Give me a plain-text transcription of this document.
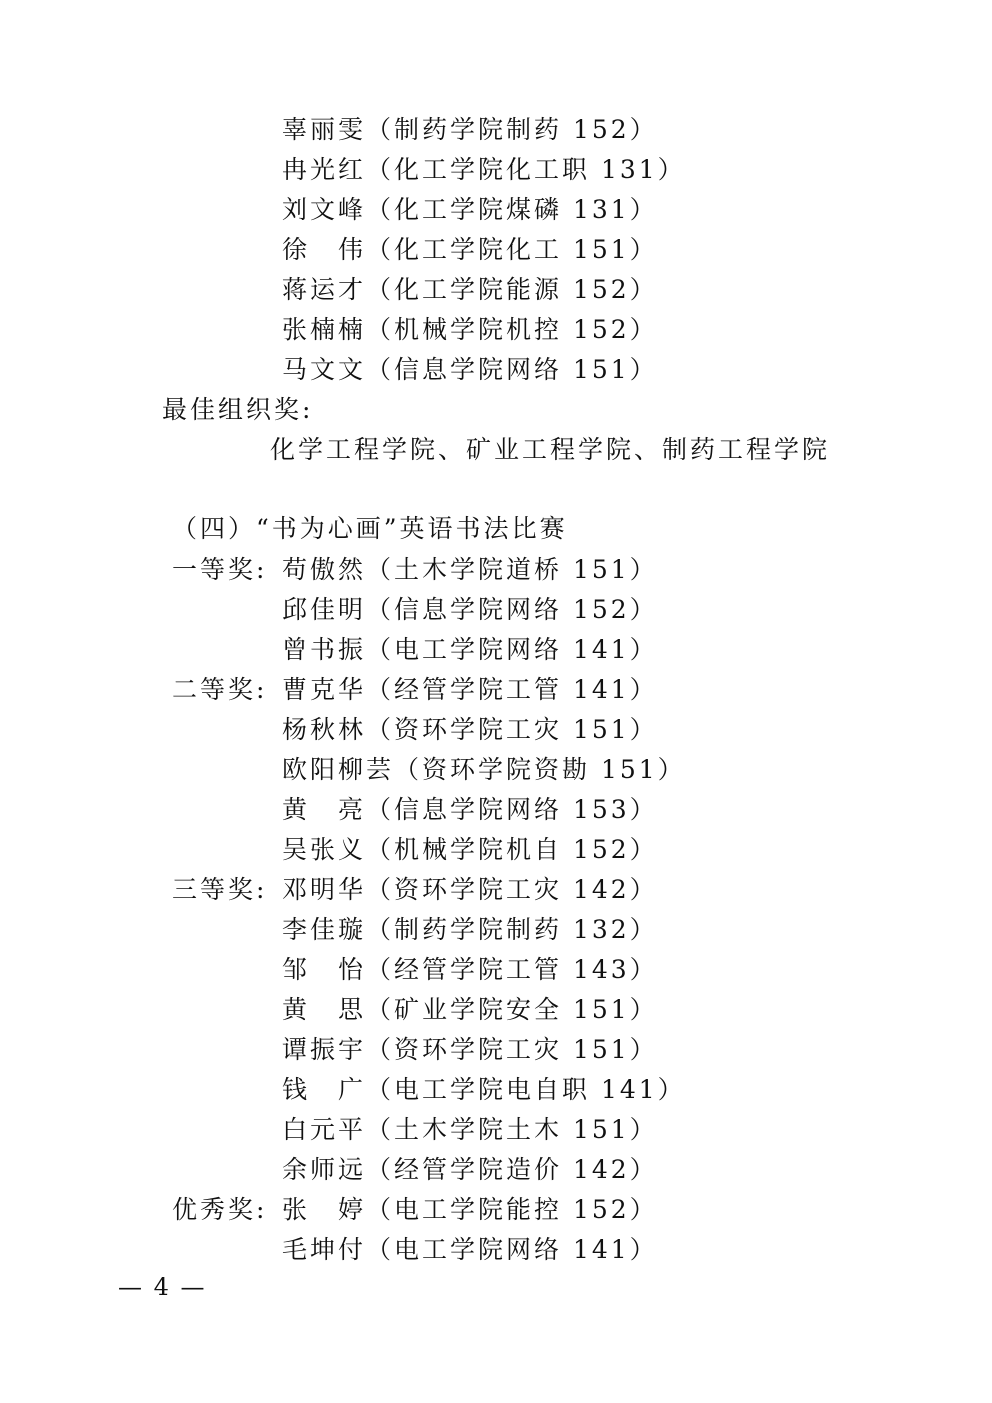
辜丽雯（制药学院制药 152）
冉光红（化工学院化工职 131）
刘文峰（化工学院煤磷 131）
徐　伟（化工学院化工 151）
蒋运才（化工学院能源 152）
张楠楠（机械学院机控 152）
马文文（信息学院网络 151）
最佳组织奖:
化学工程学院、矿业工程学院、制药工程学院
（四）“书为心画”英语书法比赛
一等奖: 苟傲然（土木学院道桥 151）
邱佳明（信息学院网络 152）
曾书振（电工学院网络 141）
二等奖: 曹克华（经管学院工管 141）
杨秋林（资环学院工灾 151）
欧阳柳芸（资环学院资勘 151）
黄　亮（信息学院网络 153）
吴张义（机械学院机自 152）
三等奖: 邓明华（资环学院工灾 142）
李佳璇（制药学院制药 132）
邹　怡（经管学院工管 143）
黄　思（矿业学院安全 151）
谭振宇（资环学院工灾 151）
钱　广（电工学院电自职 141）
白元平（土木学院土木 151）
余师远（经管学院造价 142）
优秀奖: 张　婷（电工学院能控 152）
毛坤付（电工学院网络 141）
— 4 —
